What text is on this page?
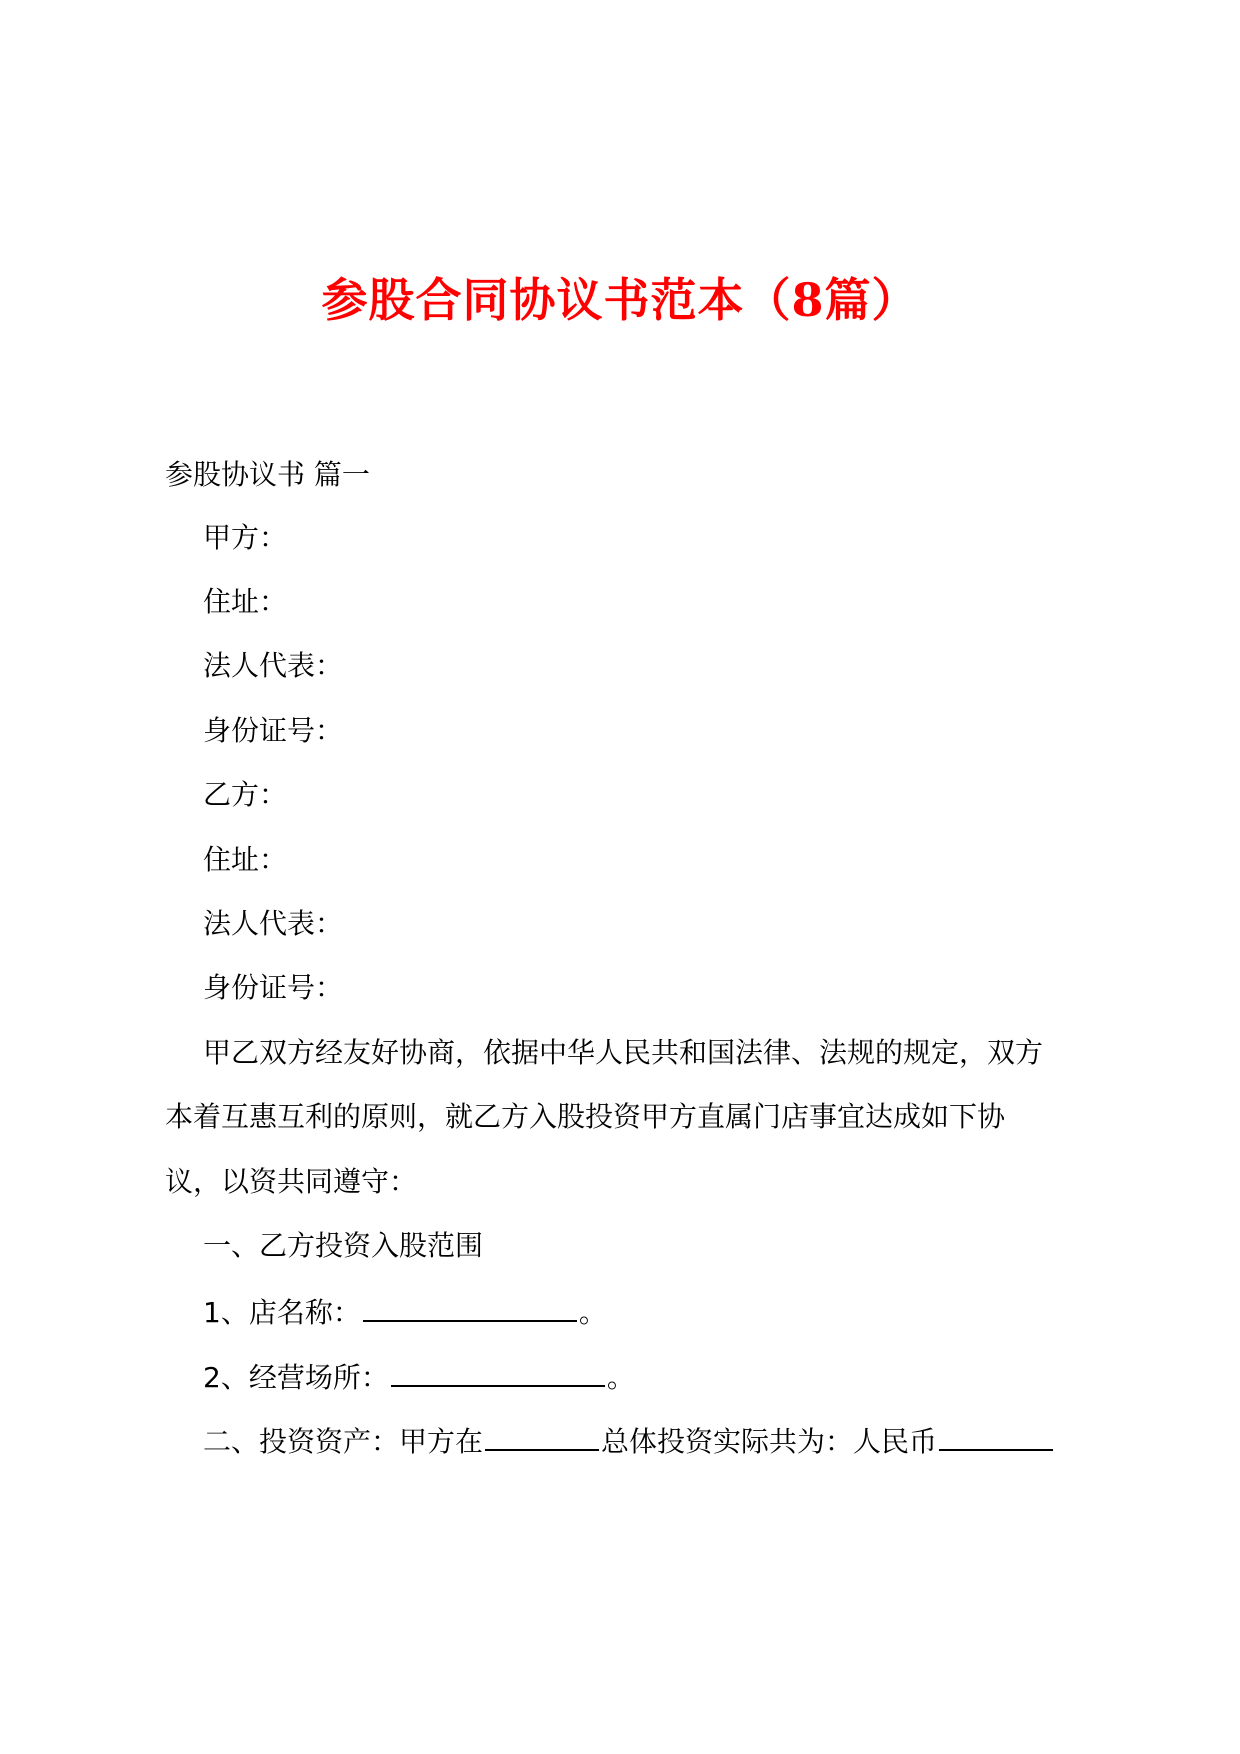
参股合同协议书范本（8篇）
参股协议书 篇一
甲方：
住址：
法人代表：
身份证号：
乙方：
住址：
法人代表：
身份证号：
甲乙双方经友好协商，依据中华人民共和国法律、法规的规定，双方
本着互惠互利的原则，就乙方入股投资甲方直属门店事宜达成如下协
议，以资共同遵守：
一、乙方投资入股范围
1、店名称：	。
2、经营场所：	。
二、投资资产：甲方在	总体投资实际共为：人民币
